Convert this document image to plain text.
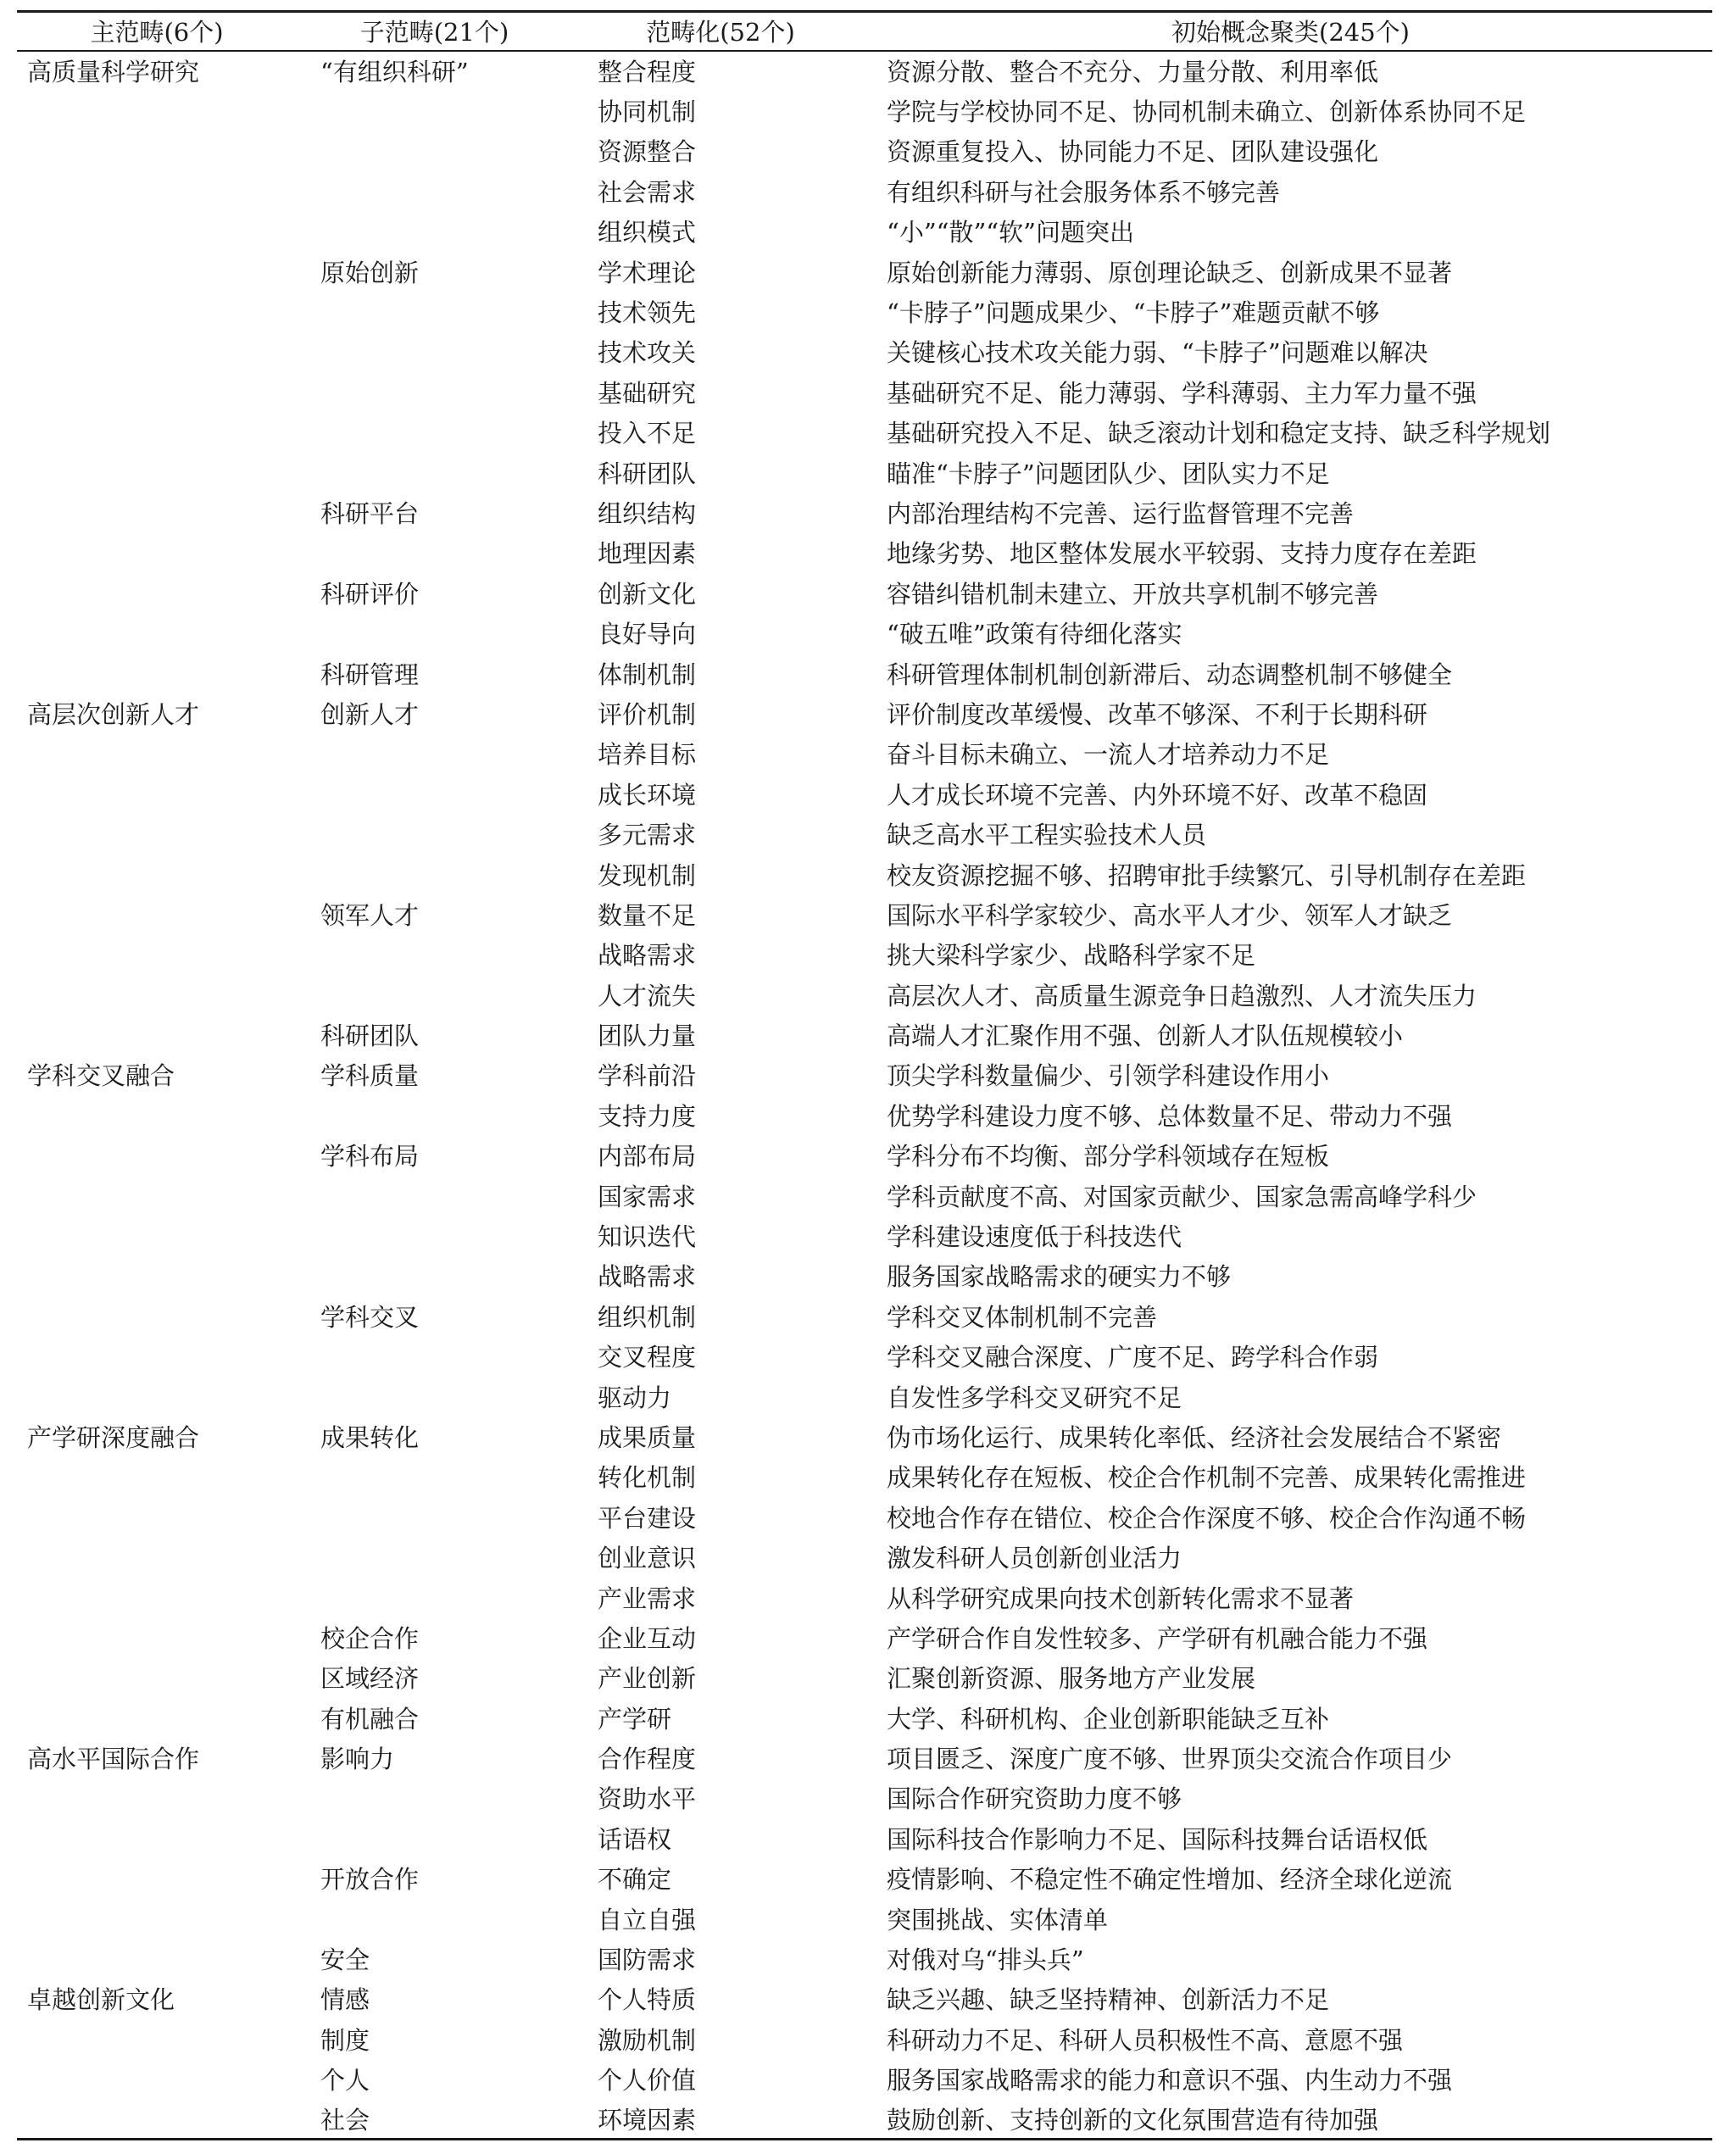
主范畴(6个)	子范畴(21个)	范畴化(52个)	初始概念聚类(245个)
高质量科学研究	“有组织科研”	整合程度	资源分散、整合不充分、力量分散、利用率低
		协同机制	学院与学校协同不足、协同机制未确立、创新体系协同不足
		资源整合	资源重复投入、协同能力不足、团队建设强化
		社会需求	有组织科研与社会服务体系不够完善
		组织模式	“小”“散”“软”问题突出
	原始创新	学术理论	原始创新能力薄弱、原创理论缺乏、创新成果不显著
		技术领先	“卡脖子”问题成果少、“卡脖子”难题贡献不够
		技术攻关	关键核心技术攻关能力弱、“卡脖子”问题难以解决
		基础研究	基础研究不足、能力薄弱、学科薄弱、主力军力量不强
		投入不足	基础研究投入不足、缺乏滚动计划和稳定支持、缺乏科学规划
		科研团队	瞄准“卡脖子”问题团队少、团队实力不足
	科研平台	组织结构	内部治理结构不完善、运行监督管理不完善
		地理因素	地缘劣势、地区整体发展水平较弱、支持力度存在差距
	科研评价	创新文化	容错纠错机制未建立、开放共享机制不够完善
		良好导向	“破五唯”政策有待细化落实
	科研管理	体制机制	科研管理体制机制创新滞后、动态调整机制不够健全
高层次创新人才	创新人才	评价机制	评价制度改革缓慢、改革不够深、不利于长期科研
		培养目标	奋斗目标未确立、一流人才培养动力不足
		成长环境	人才成长环境不完善、内外环境不好、改革不稳固
		多元需求	缺乏高水平工程实验技术人员
		发现机制	校友资源挖掘不够、招聘审批手续繁冗、引导机制存在差距
	领军人才	数量不足	国际水平科学家较少、高水平人才少、领军人才缺乏
		战略需求	挑大梁科学家少、战略科学家不足
		人才流失	高层次人才、高质量生源竞争日趋激烈、人才流失压力
	科研团队	团队力量	高端人才汇聚作用不强、创新人才队伍规模较小
学科交叉融合	学科质量	学科前沿	顶尖学科数量偏少、引领学科建设作用小
		支持力度	优势学科建设力度不够、总体数量不足、带动力不强
	学科布局	内部布局	学科分布不均衡、部分学科领域存在短板
		国家需求	学科贡献度不高、对国家贡献少、国家急需高峰学科少
		知识迭代	学科建设速度低于科技迭代
		战略需求	服务国家战略需求的硬实力不够
	学科交叉	组织机制	学科交叉体制机制不完善
		交叉程度	学科交叉融合深度、广度不足、跨学科合作弱
		驱动力	自发性多学科交叉研究不足
产学研深度融合	成果转化	成果质量	伪市场化运行、成果转化率低、经济社会发展结合不紧密
		转化机制	成果转化存在短板、校企合作机制不完善、成果转化需推进
		平台建设	校地合作存在错位、校企合作深度不够、校企合作沟通不畅
		创业意识	激发科研人员创新创业活力
		产业需求	从科学研究成果向技术创新转化需求不显著
	校企合作	企业互动	产学研合作自发性较多、产学研有机融合能力不强
	区域经济	产业创新	汇聚创新资源、服务地方产业发展
	有机融合	产学研	大学、科研机构、企业创新职能缺乏互补
高水平国际合作	影响力	合作程度	项目匮乏、深度广度不够、世界顶尖交流合作项目少
		资助水平	国际合作研究资助力度不够
		话语权	国际科技合作影响力不足、国际科技舞台话语权低
	开放合作	不确定	疫情影响、不稳定性不确定性增加、经济全球化逆流
		自立自强	突围挑战、实体清单
	安全	国防需求	对俄对乌“排头兵”
卓越创新文化	情感	个人特质	缺乏兴趣、缺乏坚持精神、创新活力不足
	制度	激励机制	科研动力不足、科研人员积极性不高、意愿不强
	个人	个人价值	服务国家战略需求的能力和意识不强、内生动力不强
	社会	环境因素	鼓励创新、支持创新的文化氛围营造有待加强
